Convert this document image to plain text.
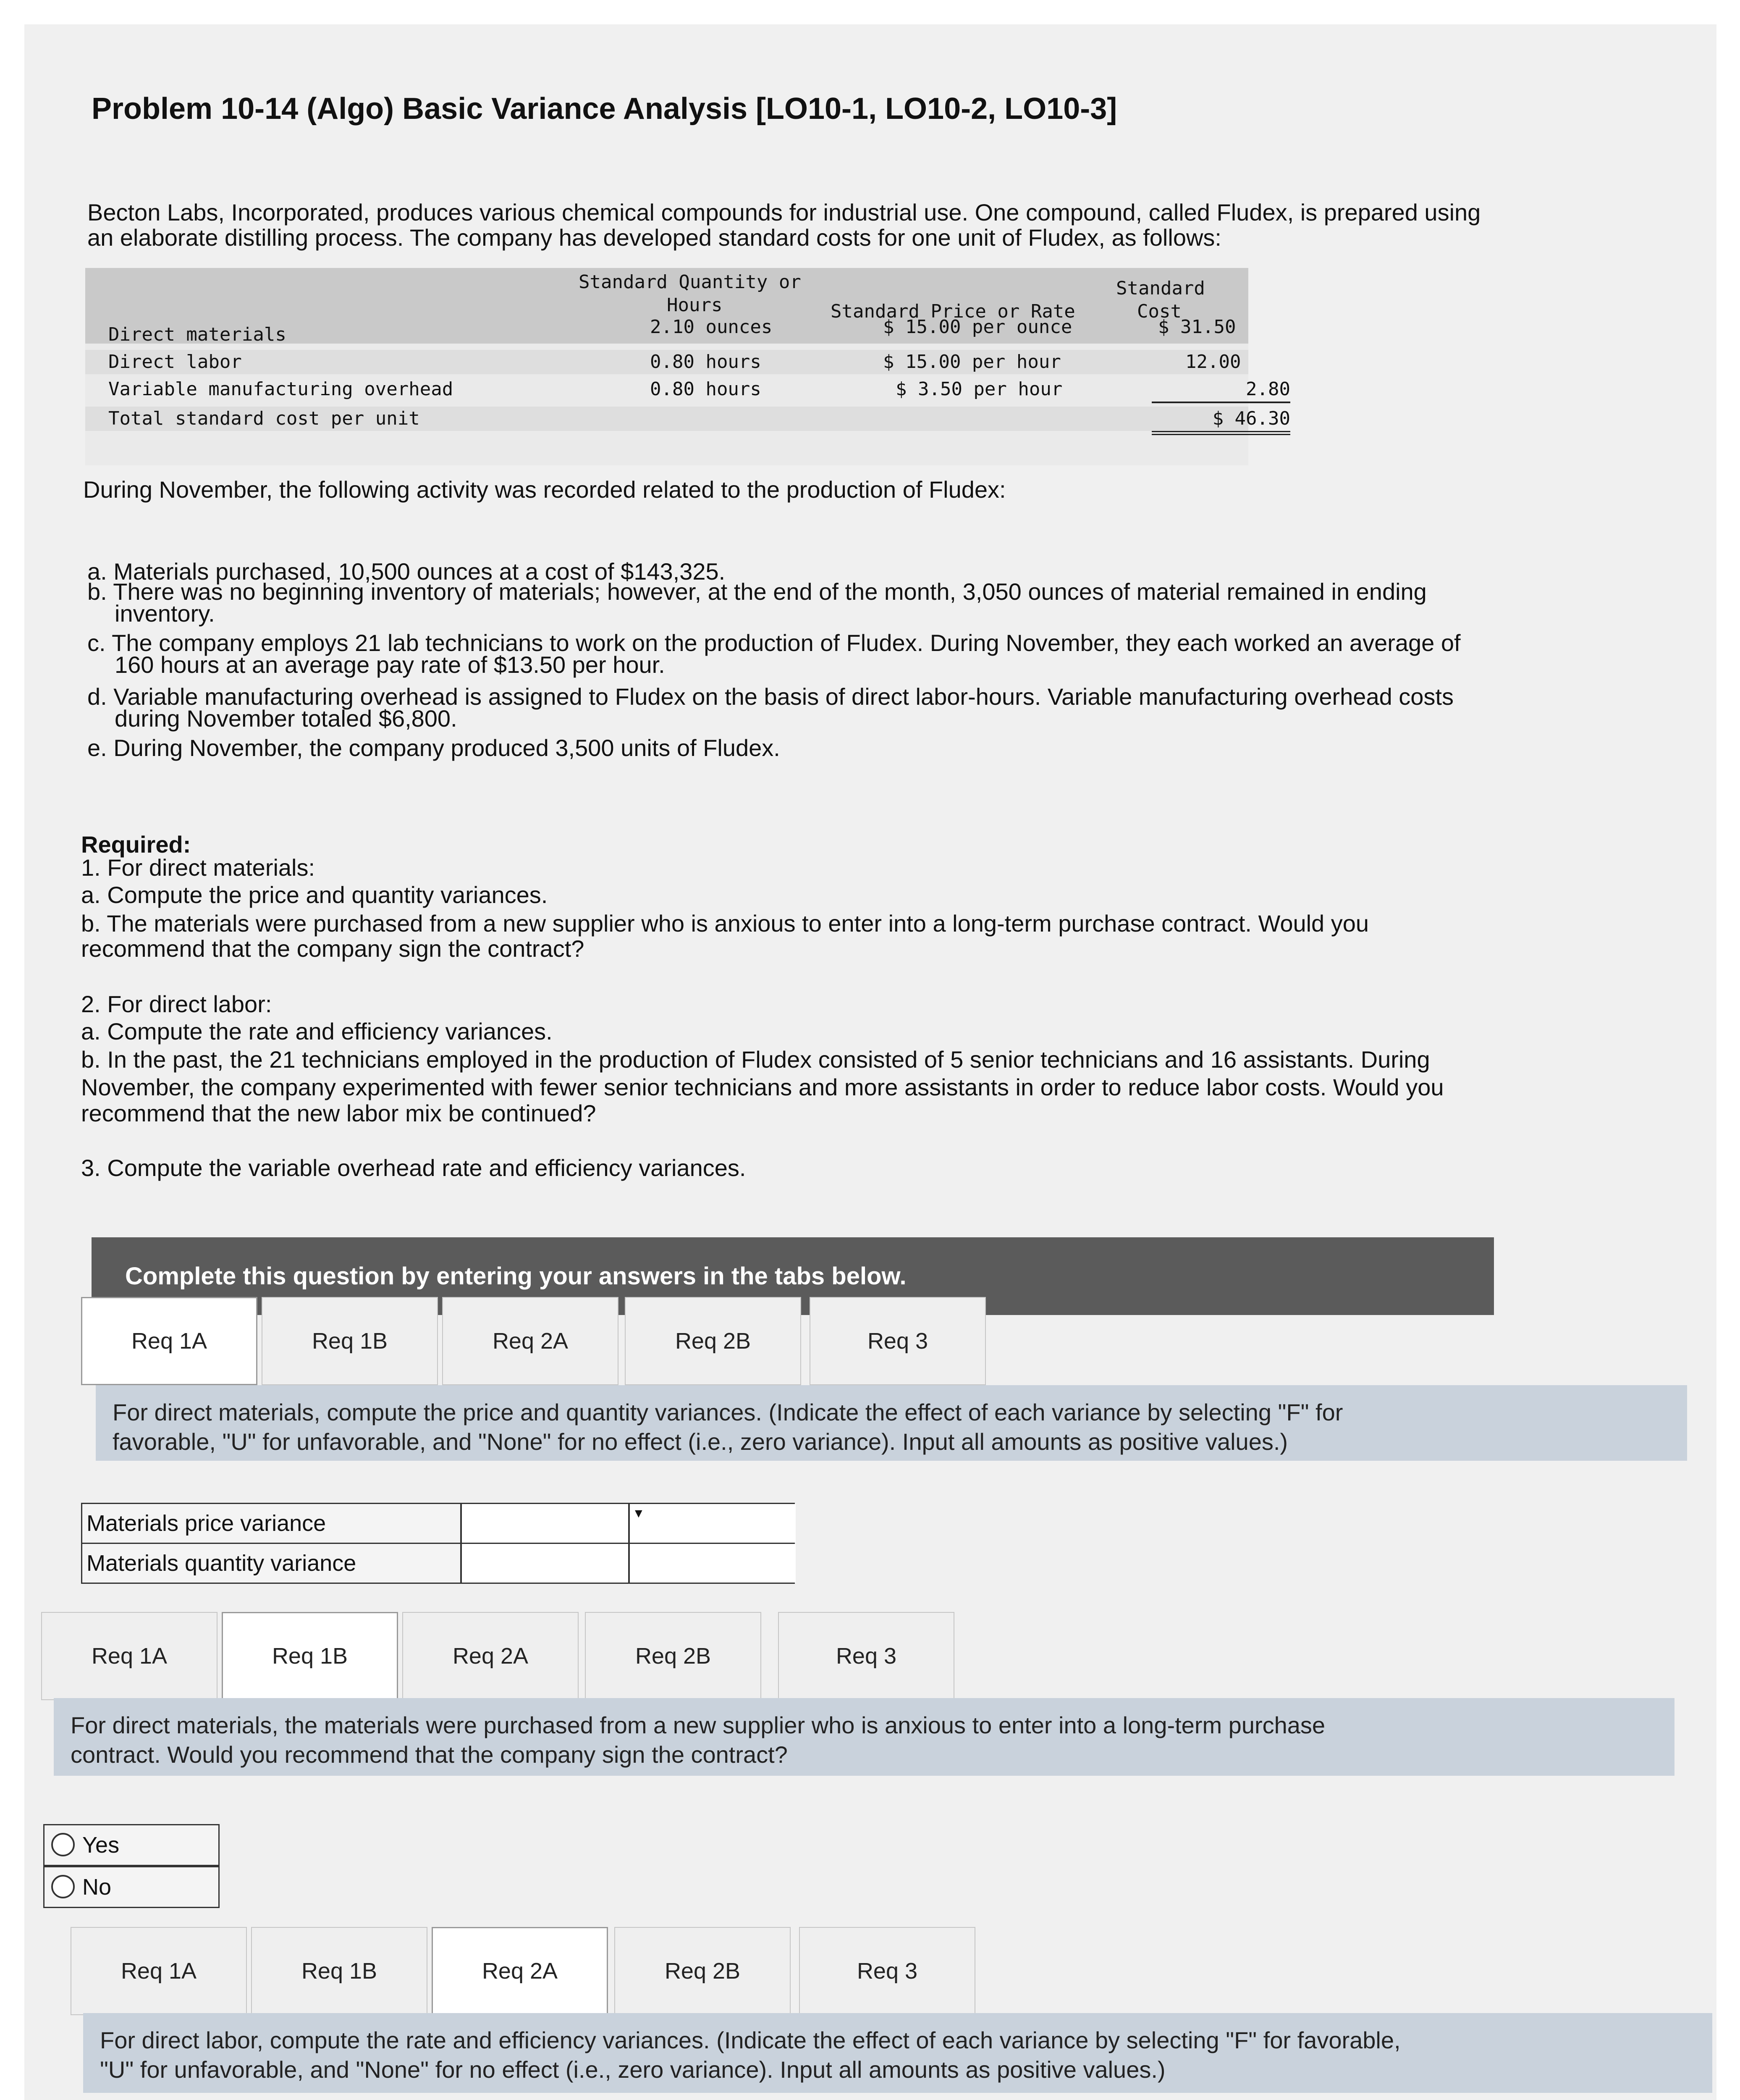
Problem 10-14 (Algo) Basic Variance Analysis [LO10-1, LO10-2, LO10-3]
Becton Labs, Incorporated, produces various chemical compounds for industrial use. One compound, called Fludex, is prepared using
an elaborate distilling process. The company has developed standard costs for one unit of Fludex, as follows:
Standard Quantity or
Hours	Standard Price or Rate
Standard
Cost
Direct materials	2.10 ounces	$ 15.00 per ounce	$ 31.50
Direct labor	0.80 hours	$ 15.00 per hour	12.00
Variable manufacturing overhead	0.80 hours	$ 3.50 per hour	2.80
Total standard cost per unit	$ 46.30
During November, the following activity was recorded related to the production of Fludex:
a. Materials purchased, 10,500 ounces at a cost of $143,325.
b. There was no beginning inventory of materials; however, at the end of the month, 3,050 ounces of material remained in ending
inventory.
c. The company employs 21 lab technicians to work on the production of Fludex. During November, they each worked an average of
160 hours at an average pay rate of $13.50 per hour.
d. Variable manufacturing overhead is assigned to Fludex on the basis of direct labor-hours. Variable manufacturing overhead costs
during November totaled $6,800.
e. During November, the company produced 3,500 units of Fludex.
Required:
1. For direct materials:
a. Compute the price and quantity variances.
b. The materials were purchased from a new supplier who is anxious to enter into a long-term purchase contract. Would you
recommend that the company sign the contract?
2. For direct labor:
a. Compute the rate and efficiency variances.
b. In the past, the 21 technicians employed in the production of Fludex consisted of 5 senior technicians and 16 assistants. During
November, the company experimented with fewer senior technicians and more assistants in order to reduce labor costs. Would you
recommend that the new labor mix be continued?
3. Compute the variable overhead rate and efficiency variances.
Complete this question by entering your answers in the tabs below.
Req 1A	Req 1B	Req 2A	Req 2B	Req 3
For direct materials, compute the price and quantity variances. (Indicate the effect of each variance by selecting "F" for
favorable, "U" for unfavorable, and "None" for no effect (i.e., zero variance). Input all amounts as positive values.)
Materials price variance	▼
Materials quantity variance
Req 1A	Req 1B	Req 2A	Req 2B	Req 3
For direct materials, the materials were purchased from a new supplier who is anxious to enter into a long-term purchase
contract. Would you recommend that the company sign the contract?
Yes
No
Req 1A	Req 1B	Req 2A	Req 2B	Req 3
For direct labor, compute the rate and efficiency variances. (Indicate the effect of each variance by selecting "F" for favorable,
"U" for unfavorable, and "None" for no effect (i.e., zero variance). Input all amounts as positive values.)
